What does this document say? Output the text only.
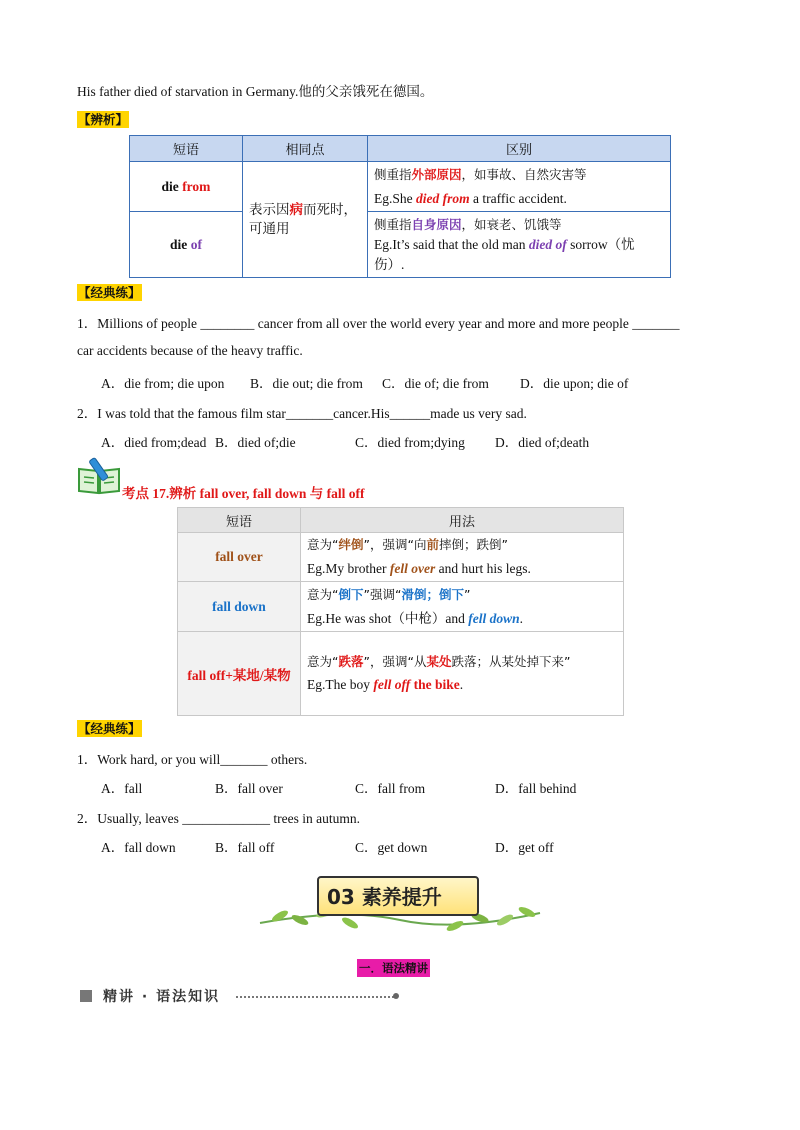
His father died of starvation in Germany.他的父亲饿死在德国。
【辨析】
短语	相同点	区别
die from	表示因病而死时，可通用	侧重指外部原因，如事故、自然灾害等
Eg.She died from a traffic accident.

die of		侧重指自身原因，如衰老、饥饿等
Eg.It’s said that the old man died of sorrow（忧伤）.
【经典练】
1．Millions of people ________ cancer from all over the world every year and more and more people _______
car accidents because of the heavy traffic.
A．die from; die upon B．die out; die from C．die of; die from D．die upon; die of
2．I was told that the famous film star_______cancer.His______made us very sad.
A．died from;dead B．died of;die	C．died from;dying D．died of;death
考点 17.辨析 fall over, fall down 与 fall off
短语	用法
fall over	意为“绊倒”，强调“向前摔倒；跌倒”
Eg.My brother fell over and hurt his legs.

fall down	意为“倒下”强调“滑倒；倒下”
Eg.He was shot（中枪）and fell down.

fall off+某地/某物	意为“跌落”，强调“从某处跌落；从某处掉下来”
Eg.The boy fell off the bike.
【经典练】
1．Work hard, or you will_______ others.
A．fall	B．fall over	C．fall from	D．fall behind
2．Usually, leaves _____________ trees in autumn.
A．fall down	B．fall off	C．get down	D．get off
03 素养提升
一．语法精讲
精讲 · 语法知识
